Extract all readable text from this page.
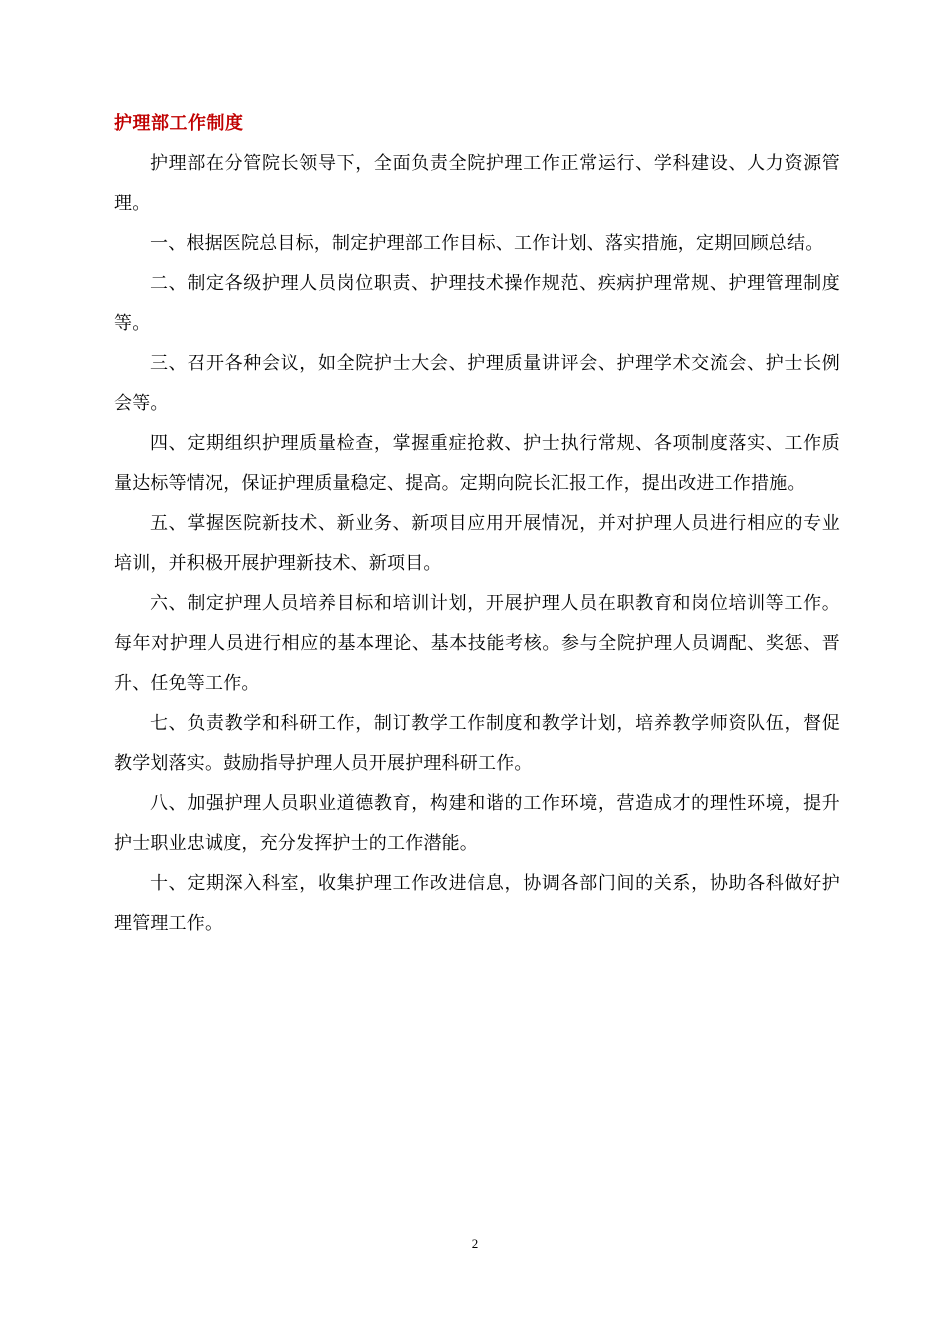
护理部工作制度

护理部在分管院长领导下，全面负责全院护理工作正常运行、学科建设、人力资源管理。

一、根据医院总目标，制定护理部工作目标、工作计划、落实措施，定期回顾总结。

二、制定各级护理人员岗位职责、护理技术操作规范、疾病护理常规、护理管理制度等。

三、召开各种会议，如全院护士大会、护理质量讲评会、护理学术交流会、护士长例会等。

四、定期组织护理质量检查，掌握重症抢救、护士执行常规、各项制度落实、工作质量达标等情况，保证护理质量稳定、提高。定期向院长汇报工作，提出改进工作措施。

五、掌握医院新技术、新业务、新项目应用开展情况，并对护理人员进行相应的专业培训，并积极开展护理新技术、新项目。

六、制定护理人员培养目标和培训计划，开展护理人员在职教育和岗位培训等工作。每年对护理人员进行相应的基本理论、基本技能考核。参与全院护理人员调配、奖惩、晋升、任免等工作。

七、负责教学和科研工作，制订教学工作制度和教学计划，培养教学师资队伍，督促教学划落实。鼓励指导护理人员开展护理科研工作。

八、加强护理人员职业道德教育，构建和谐的工作环境，营造成才的理性环境，提升护士职业忠诚度，充分发挥护士的工作潜能。

十、定期深入科室，收集护理工作改进信息，协调各部门间的关系，协助各科做好护理管理工作。

2
